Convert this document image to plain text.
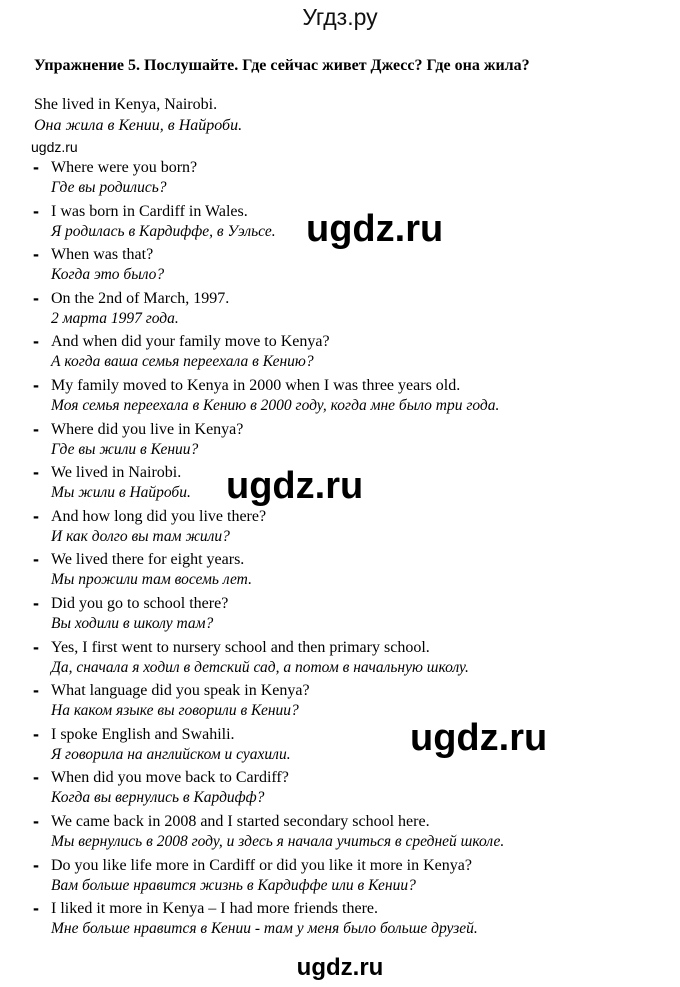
Угдз.ру
Упражнение 5. Послушайте. Где сейчас живет Джесс? Где она жила?
She lived in Kenya, Nairobi.
Она жила в Кении, в Найроби.
ugdz.ru
- Where were you born?
Где вы родились?
- I was born in Cardiff in Wales.
Я родилась в Кардиффе, в Уэльсе.
- When was that?
Когда это было?
- On the 2nd of March, 1997.
2 марта 1997 года.
- And when did your family move to Kenya?
А когда ваша семья переехала в Кению?
- My family moved to Kenya in 2000 when I was three years old.
Моя семья переехала в Кению в 2000 году, когда мне было три года.
- Where did you live in Kenya?
Где вы жили в Кении?
- We lived in Nairobi.
Мы жили в Найроби.
- And how long did you live there?
И как долго вы там жили?
- We lived there for eight years.
Мы прожили там восемь лет.
- Did you go to school there?
Вы ходили в школу там?
- Yes, I first went to nursery school and then primary school.
Да, сначала я ходил в детский сад, а потом в начальную школу.
- What language did you speak in Kenya?
На каком языке вы говорили в Кении?
- I spoke English and Swahili.
Я говорила на английском и суахили.
- When did you move back to Cardiff?
Когда вы вернулись в Кардифф?
- We came back in 2008 and I started secondary school here.
Мы вернулись в 2008 году, и здесь я начала учиться в средней школе.
- Do you like life more in Cardiff or did you like it more in Kenya?
Вам больше нравится жизнь в Кардиффе или в Кении?
- I liked it more in Kenya – I had more friends there.
Мне больше нравится в Кении - там у меня было больше друзей.
ugdz.ru
ugdz.ru
ugdz.ru
ugdz.ru
